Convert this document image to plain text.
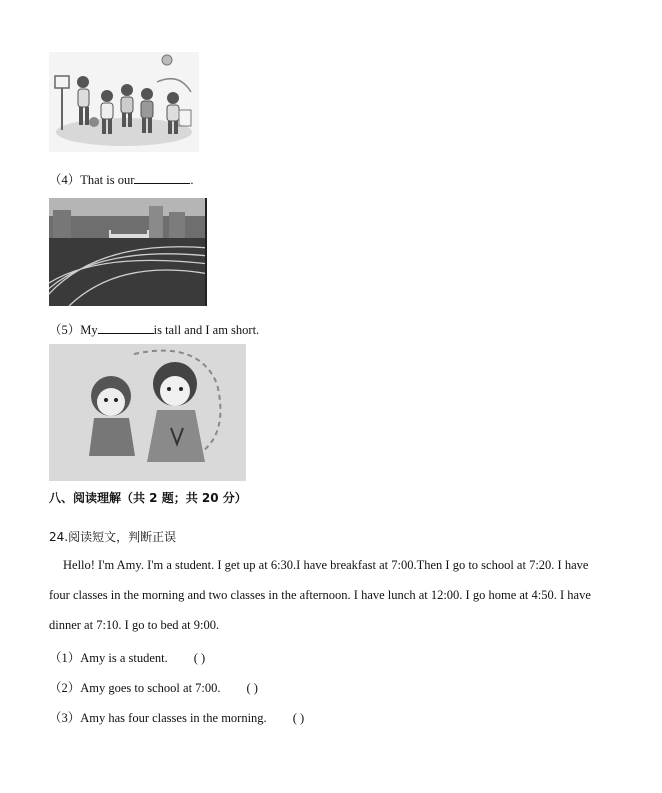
（4）That is our	.
（5）My	is tall and I am short.
八、阅读理解（共 2 题；共 20 分）
24.阅读短文，判断正误
Hello! I'm Amy. I'm a student. I get up at 6:30.I have breakfast at 7:00.Then I go to school at 7:20. I have
four classes in the morning and two classes in the afternoon. I have lunch at 12:00. I go home at 4:50. I have
dinner at 7:10. I go to bed at 9:00.
（1）Amy is a student. ( )
（2）Amy goes to school at 7:00. ( )
（3）Amy has four classes in the morning. ( )
